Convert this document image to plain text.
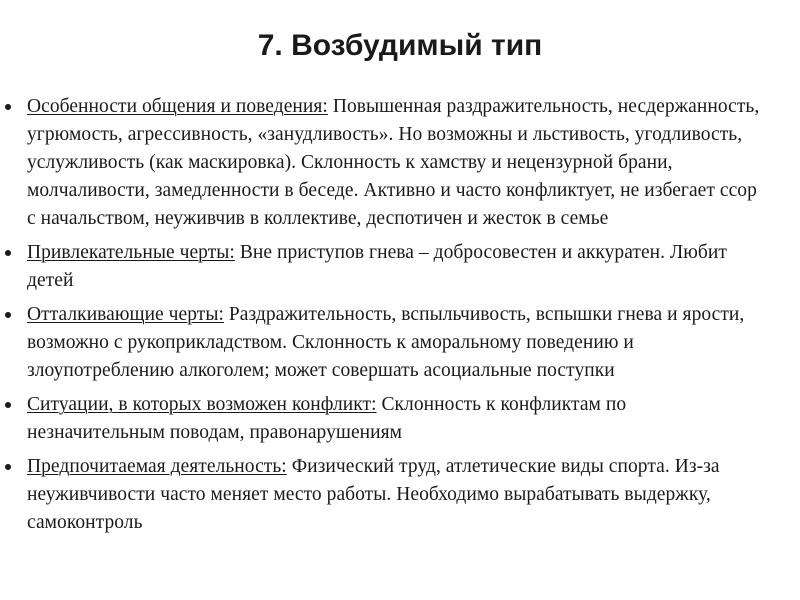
7. Возбудимый тип
Особенности общения и поведения: Повышенная раздражительность, несдержанность, угрюмость, агрессивность, «занудливость». Но возможны и льстивость, угодливость, услужливость (как маскировка). Склонность к хамству и нецензурной брани, молчаливости, замедленности в беседе. Активно и часто конфликтует, не избегает ссор с начальством, неуживчив в коллективе, деспотичен и жесток в семье
Привлекательные черты: Вне приступов гнева – добросовестен и аккуратен. Любит детей
Отталкивающие черты: Раздражительность, вспыльчивость, вспышки гнева и ярости, возможно с рукоприкладством. Склонность к аморальному поведению и злоупотреблению алкоголем; может совершать асоциальные поступки
Ситуации, в которых возможен конфликт: Склонность к конфликтам по незначительным поводам, правонарушениям
Предпочитаемая деятельность: Физический труд, атлетические виды спорта. Из-за неуживчивости часто меняет место работы. Необходимо вырабатывать выдержку, самоконтроль
